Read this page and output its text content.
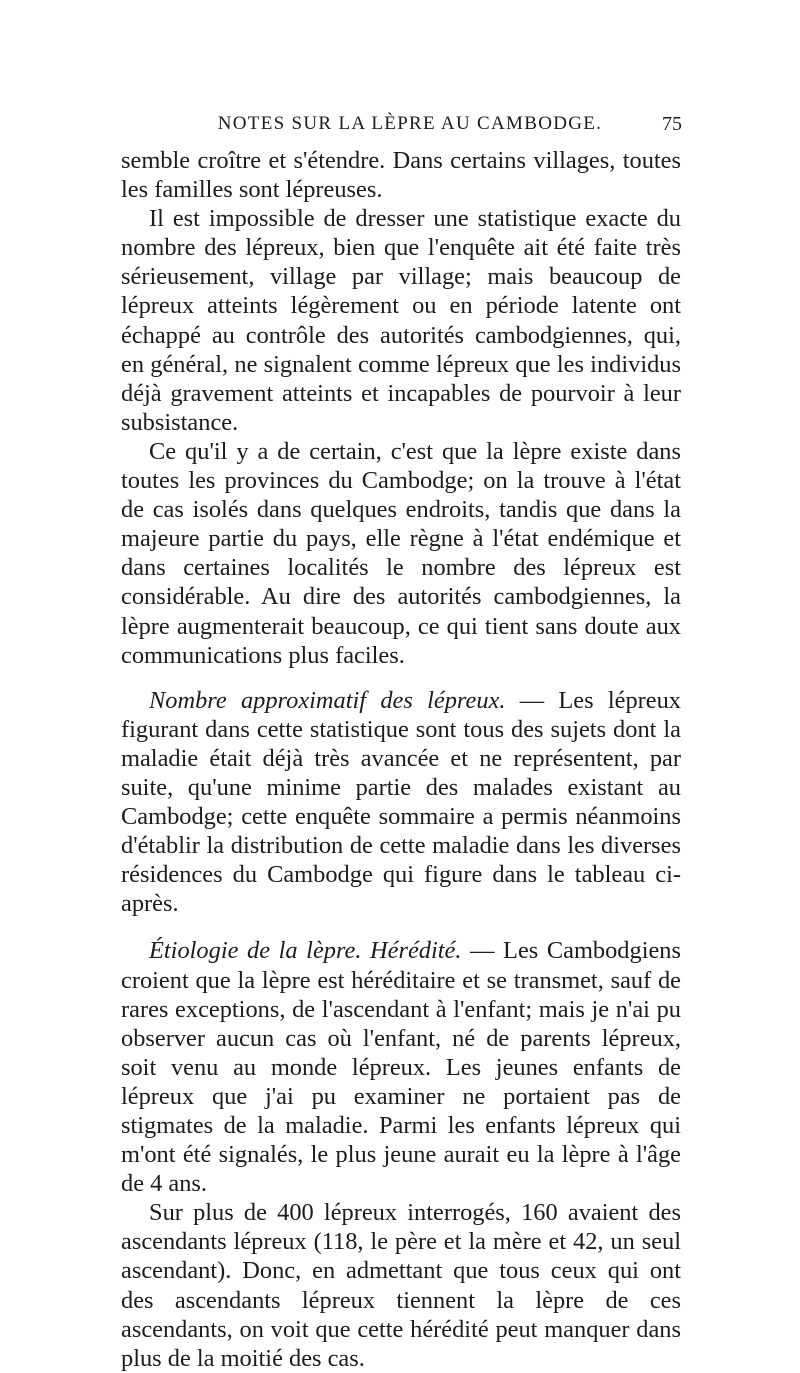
NOTES SUR LA LÈPRE AU CAMBODGE.	75

semble croître et s'étendre. Dans certains villages, toutes les familles sont lépreuses.

Il est impossible de dresser une statistique exacte du nombre des lépreux, bien que l'enquête ait été faite très sérieusement, village par village; mais beaucoup de lépreux atteints légèrement ou en période latente ont échappé au contrôle des autorités cambodgiennes, qui, en général, ne signalent comme lépreux que les individus déjà gravement atteints et incapables de pourvoir à leur subsistance.

Ce qu'il y a de certain, c'est que la lèpre existe dans toutes les provinces du Cambodge; on la trouve à l'état de cas isolés dans quelques endroits, tandis que dans la majeure partie du pays, elle règne à l'état endémique et dans certaines localités le nombre des lépreux est considérable. Au dire des autorités cambodgiennes, la lèpre augmenterait beaucoup, ce qui tient sans doute aux communications plus faciles.

Nombre approximatif des lépreux. — Les lépreux figurant dans cette statistique sont tous des sujets dont la maladie était déjà très avancée et ne représentent, par suite, qu'une minime partie des malades existant au Cambodge; cette enquête sommaire a permis néanmoins d'établir la distribution de cette maladie dans les diverses résidences du Cambodge qui figure dans le tableau ci-après.

Étiologie de la lèpre. Hérédité. — Les Cambodgiens croient que la lèpre est héréditaire et se transmet, sauf de rares exceptions, de l'ascendant à l'enfant; mais je n'ai pu observer aucun cas où l'enfant, né de parents lépreux, soit venu au monde lépreux. Les jeunes enfants de lépreux que j'ai pu examiner ne portaient pas de stigmates de la maladie. Parmi les enfants lépreux qui m'ont été signalés, le plus jeune aurait eu la lèpre à l'âge de 4 ans.

Sur plus de 400 lépreux interrogés, 160 avaient des ascendants lépreux (118, le père et la mère et 42, un seul ascendant). Donc, en admettant que tous ceux qui ont des ascendants lépreux tiennent la lèpre de ces ascendants, on voit que cette hérédité peut manquer dans plus de la moitié des cas.
